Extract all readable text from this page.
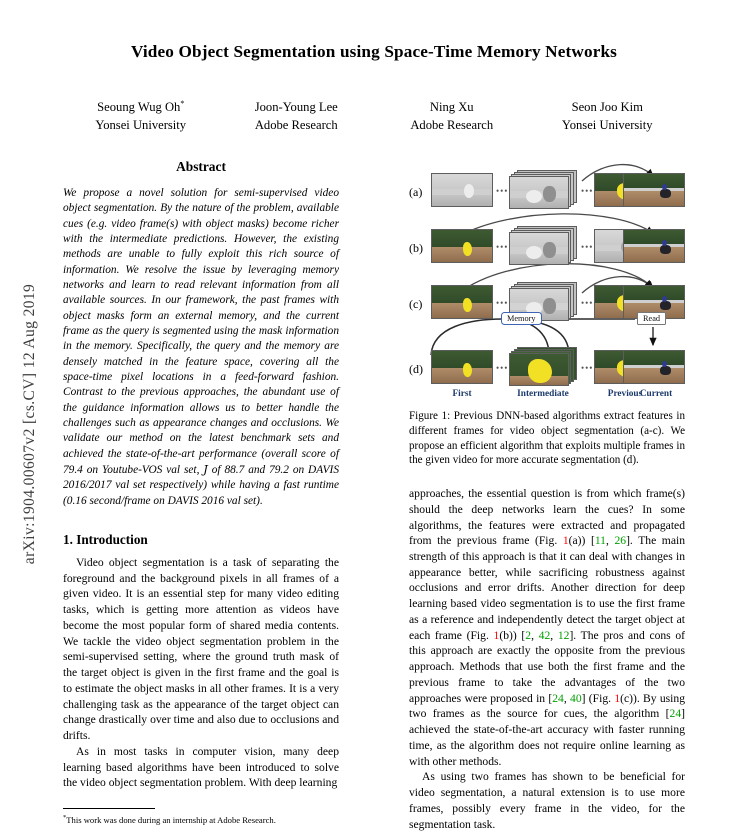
arXiv:1904.00607v2 [cs.CV] 12 Aug 2019
Video Object Segmentation using Space-Time Memory Networks
Seoung Wug Oh*
Yonsei University
Joon-Young Lee
Adobe Research
Ning Xu
Adobe Research
Seon Joo Kim
Yonsei University
Abstract
We propose a novel solution for semi-supervised video object segmentation. By the nature of the problem, available cues (e.g. video frame(s) with object masks) become richer with the intermediate predictions. However, the existing methods are unable to fully exploit this rich source of information. We resolve the issue by leveraging memory networks and learn to read relevant information from all available sources. In our framework, the past frames with object masks form an external memory, and the current frame as the query is segmented using the mask information in the memory. Specifically, the query and the memory are densely matched in the feature space, covering all the space-time pixel locations in a feed-forward fashion. Contrast to the previous approaches, the abundant use of the guidance information allows us to better handle the challenges such as appearance changes and occlusions. We validate our method on the latest benchmark sets and achieved the state-of-the-art performance (overall score of 79.4 on Youtube-VOS val set, J of 88.7 and 79.2 on DAVIS 2016/2017 val set respectively) while having a fast runtime (0.16 second/frame on DAVIS 2016 val set).
1. Introduction

Video object segmentation is a task of separating the foreground and the background pixels in all frames of a given video. It is an essential step for many video editing tasks, which is getting more attention as videos have become the most popular form of shared media contents. We tackle the video object segmentation problem in the semi-supervised setting, where the ground truth mask of the target object is given in the first frame and the goal is to estimate the object masks in all other frames. It is a very challenging task as the appearance of the target object can change drastically over time and also due to occlusions and drifts.

As in most tasks in computer vision, many deep learning based algorithms have been introduced to solve the video object segmentation problem. With deep learning

*This work was done during an internship at Adobe Research.
(a)	•••	•••
(b)	•••	•••
(c)	•••	•••
Memory	Read
(d)	•••	•••
First	Intermediate	Previous
Current
Figure 1: Previous DNN-based algorithms extract features in different frames for video object segmentation (a-c). We propose an efficient algorithm that exploits multiple frames in the given video for more accurate segmentation (d).

approaches, the essential question is from which frame(s) should the deep networks learn the cues? In some algorithms, the features were extracted and propagated from the previous frame (Fig. 1(a)) [11, 26]. The main strength of this approach is that it can deal with changes in appearance better, while sacrificing robustness against occlusions and error drifts. Another direction for deep learning based video segmentation is to use the first frame as a reference and independently detect the target object at each frame (Fig. 1(b)) [2, 42, 12]. The pros and cons of this approach are exactly the opposite from the previous approach. Methods that use both the first frame and the previous frame to take the advantages of the two approaches were proposed in [24, 40] (Fig. 1(c)). By using two frames as the source for cues, the algorithm [24] achieved the state-of-the-art accuracy with faster running time, as the algorithm does not require online learning as with other methods.

As using two frames has shown to be beneficial for video segmentation, a natural extension is to use more frames, possibly every frame in the video, for the segmentation task.
